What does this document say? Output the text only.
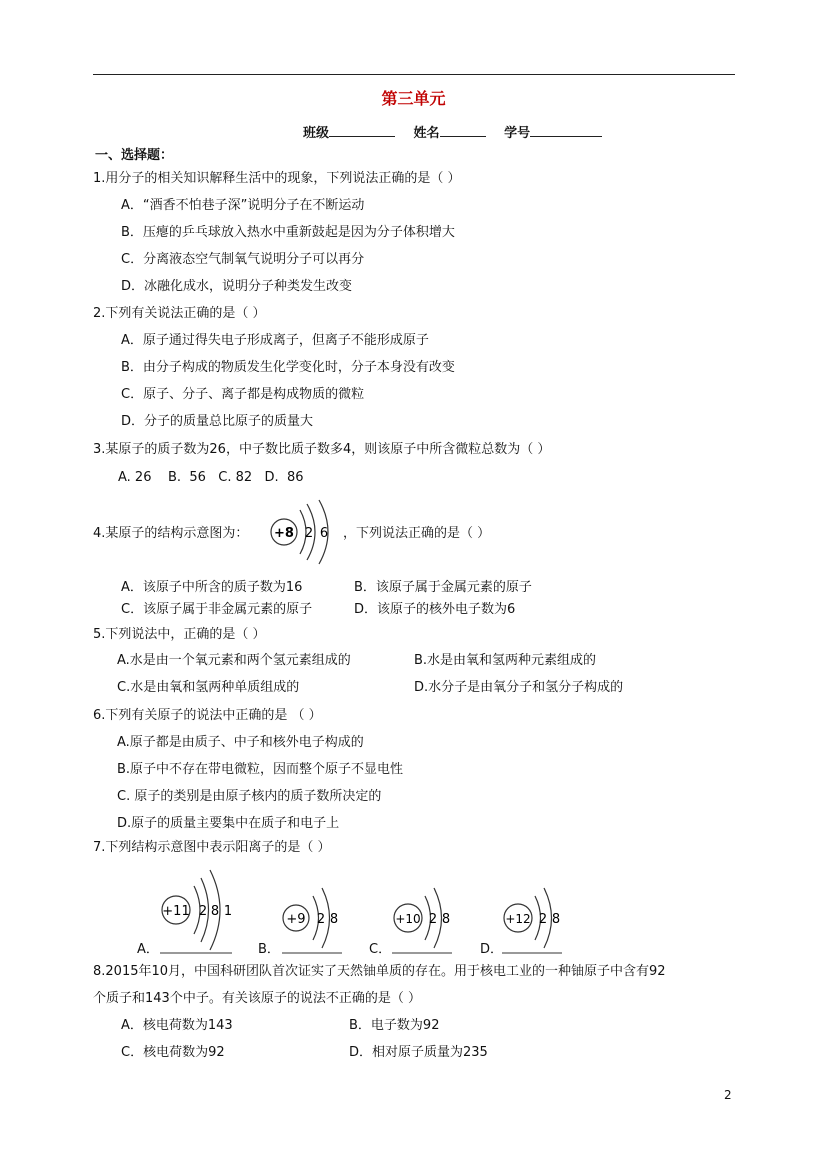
第三单元
班级	姓名	学号
一、选择题：
1.用分子的相关知识解释生活中的现象，下列说法正确的是（ ）
A．“酒香不怕巷子深”说明分子在不断运动
B．压瘪的乒乓球放入热水中重新鼓起是因为分子体积增大
C．分离液态空气制氧气说明分子可以再分
D．冰融化成水，说明分子种类发生改变
2.下列有关说法正确的是（ ）
A．原子通过得失电子形成离子，但离子不能形成原子
B．由分子构成的物质发生化学变化时，分子本身没有改变
C．原子、分子、离子都是构成物质的微粒
D．分子的质量总比原子的质量大
3.某原子的质子数为26，中子数比质子数多4，则该原子中所含微粒总数为（ ）
A. 26    B.  56   C. 82   D.  86
4.某原子的结构示意图为： +8 2 6 ，下列说法正确的是（ ）
A．该原子中所含的质子数为16	B．该原子属于金属元素的原子
C．该原子属于非金属元素的原子	D．该原子的核外电子数为6
5.下列说法中，正确的是（ ）
A.水是由一个氧元素和两个氢元素组成的	B.水是由氧和氢两种元素组成的
C.水是由氧和氢两种单质组成的	D.水分子是由氧分子和氢分子构成的
6.下列有关原子的说法中正确的是 （ ）
A.原子都是由质子、中子和核外电子构成的
B.原子中不存在带电微粒，因而整个原子不显电性
C. 原子的类别是由原子核内的质子数所决定的
D.原子的质量主要集中在质子和电子上
7.下列结构示意图中表示阳离子的是（ ）
A．
+11 2 8 1
B．
+9 2 8
C．
+10 2 8
D．
+12 2 8
8.2015年10月，中国科研团队首次证实了天然铀单质的存在。用于核电工业的一种铀原子中含有92
个质子和143个中子。有关该原子的说法不正确的是（ ）
A．核电荷数为143	B．电子数为92
C．核电荷数为92	D．相对原子质量为235
2
